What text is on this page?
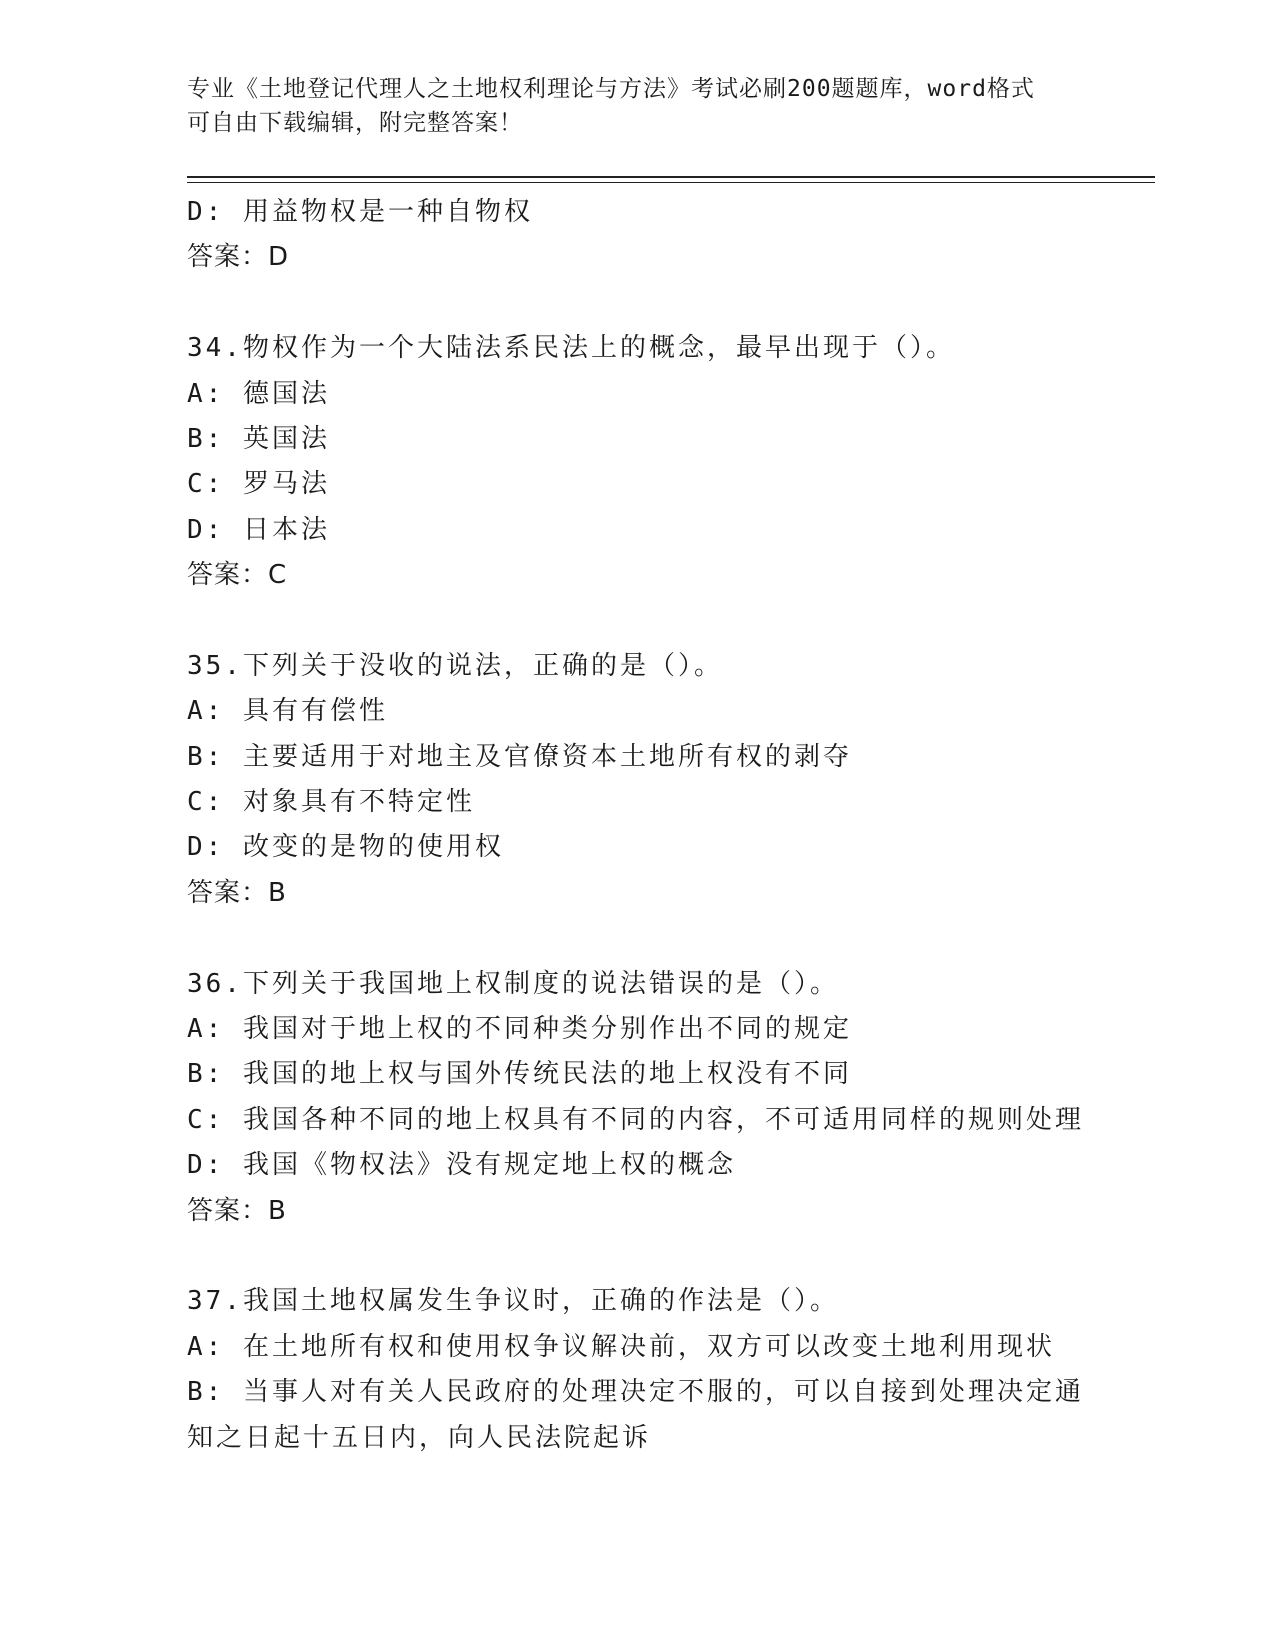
专业《土地登记代理人之土地权利理论与方法》考试必刷200题题库，word格式
可自由下载编辑，附完整答案！
D: 用益物权是一种自物权
答案：D
34.物权作为一个大陆法系民法上的概念，最早出现于（）。
A: 德国法
B: 英国法
C: 罗马法
D: 日本法
答案：C
35.下列关于没收的说法，正确的是（）。
A: 具有有偿性
B: 主要适用于对地主及官僚资本土地所有权的剥夺
C: 对象具有不特定性
D: 改变的是物的使用权
答案：B
36.下列关于我国地上权制度的说法错误的是（）。
A: 我国对于地上权的不同种类分别作出不同的规定
B: 我国的地上权与国外传统民法的地上权没有不同
C: 我国各种不同的地上权具有不同的内容，不可适用同样的规则处理
D: 我国《物权法》没有规定地上权的概念
答案：B
37.我国土地权属发生争议时，正确的作法是（）。
A: 在土地所有权和使用权争议解决前，双方可以改变土地利用现状
B: 当事人对有关人民政府的处理决定不服的，可以自接到处理决定通
知之日起十五日内，向人民法院起诉
